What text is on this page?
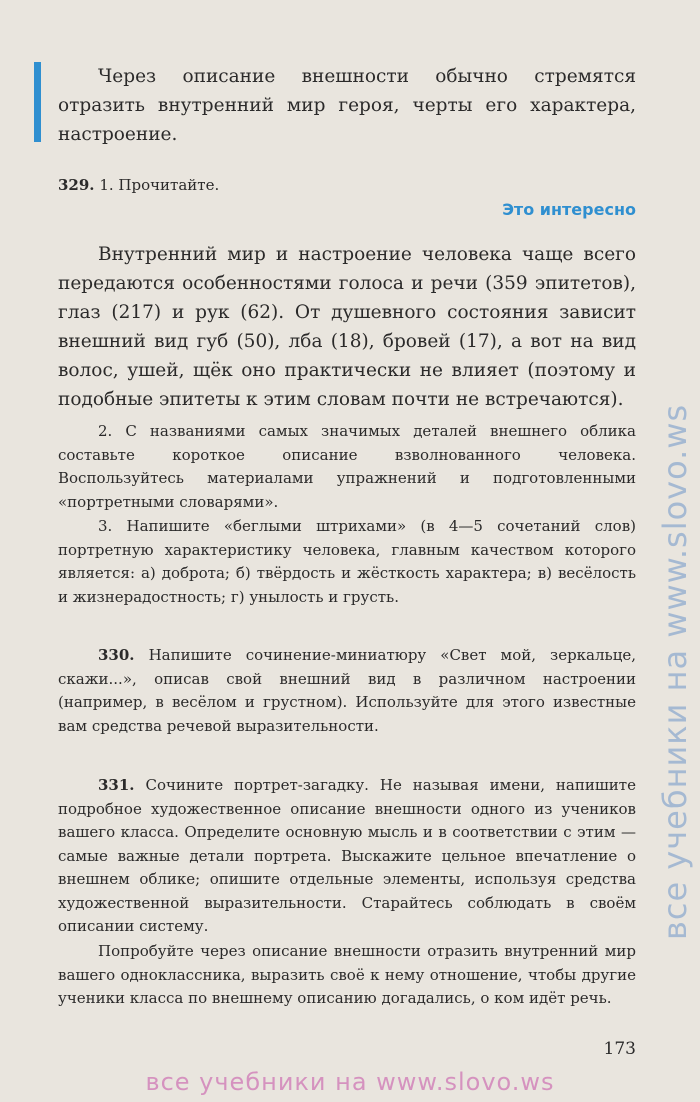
Через описание внешности обычно стремятся отразить внутренний мир героя, черты его характера, настроение.
329. 1. Прочитайте.
Это интересно
Внутренний мир и настроение человека чаще всего передаются особенностями голоса и речи (359 эпитетов), глаз (217) и рук (62). От душевного состояния зависит внешний вид губ (50), лба (18), бровей (17), а вот на вид волос, ушей, щёк оно практически не влияет (поэтому и подобные эпитеты к этим словам почти не встречаются).
2. С названиями самых значимых деталей внешнего облика составьте короткое описание взволнованного человека. Воспользуйтесь материалами упражнений и подготовленными «портретными словарями».
3. Напишите «беглыми штрихами» (в 4—5 сочетаний слов) портретную характеристику человека, главным качеством которого является: а) доброта; б) твёрдость и жёсткость характера; в) весёлость и жизнерадостность; г) унылость и грусть.
330. Напишите сочинение-миниатюру «Свет мой, зеркальце, скажи...», описав свой внешний вид в различном настроении (например, в весёлом и грустном). Используйте для этого известные вам средства речевой выразительности.
331. Сочините портрет-загадку. Не называя имени, напишите подробное художественное описание внешности одного из учеников вашего класса. Определите основную мысль и в соответствии с этим — самые важные детали портрета. Выскажите цельное впечатление о внешнем облике; опишите отдельные элементы, используя средства художественной выразительности. Старайтесь соблюдать в своём описании систему.
Попробуйте через описание внешности отразить внутренний мир вашего одноклассника, выразить своё к нему отношение, чтобы другие ученики класса по внешнему описанию догадались, о ком идёт речь.
173
все учебники на www.slovo.ws
все учебники на www.slovo.ws
